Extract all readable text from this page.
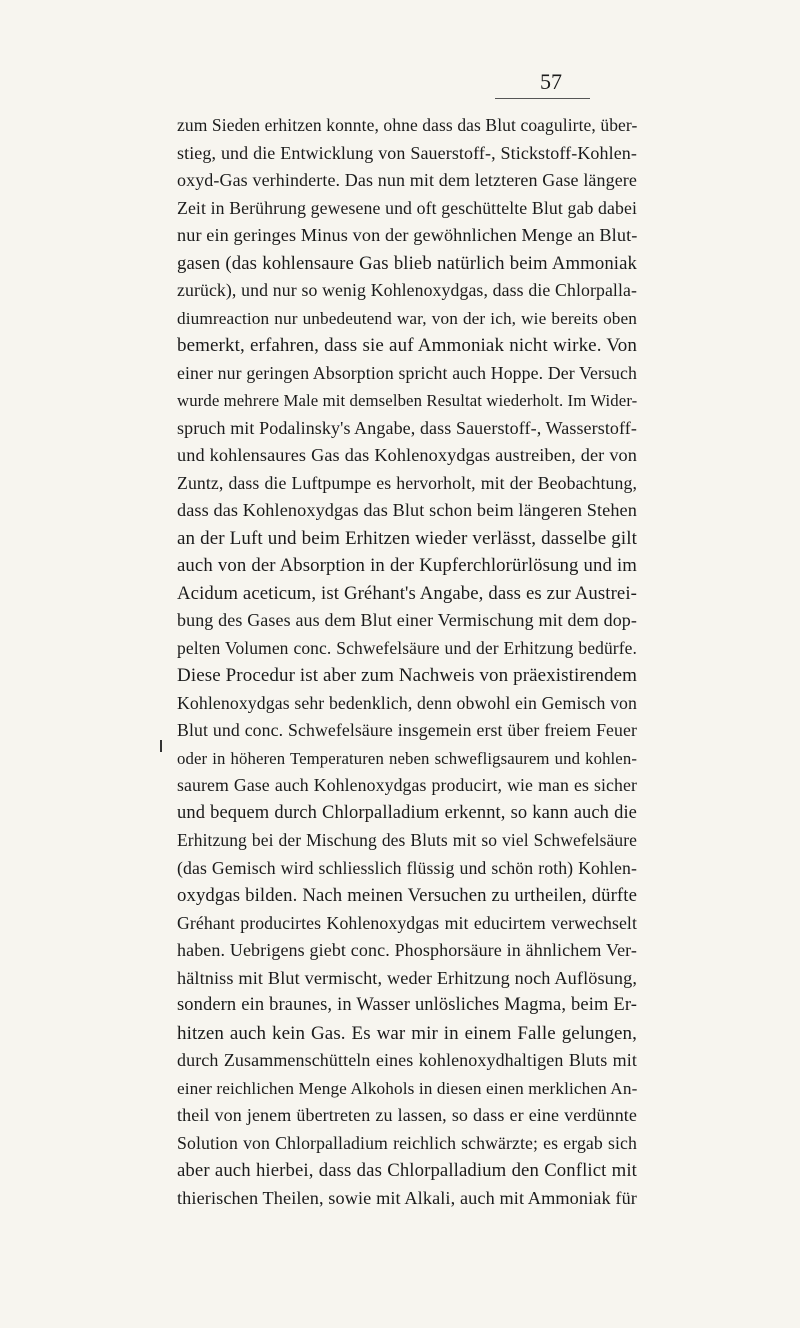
57
zum Sieden erhitzen konnte, ohne dass das Blut coagulirte, über-
stieg, und die Entwicklung von Sauerstoff-, Stickstoff-Kohlen-
oxyd-Gas verhinderte. Das nun mit dem letzteren Gase längere
Zeit in Berührung gewesene und oft geschüttelte Blut gab dabei
nur ein geringes Minus von der gewöhnlichen Menge an Blut-
gasen (das kohlensaure Gas blieb natürlich beim Ammoniak
zurück), und nur so wenig Kohlenoxydgas, dass die Chlorpalla-
diumreaction nur unbedeutend war, von der ich, wie bereits oben
bemerkt, erfahren, dass sie auf Ammoniak nicht wirke. Von
einer nur geringen Absorption spricht auch Hoppe. Der Versuch
wurde mehrere Male mit demselben Resultat wiederholt. Im Wider-
spruch mit Podalinsky's Angabe, dass Sauerstoff-, Wasserstoff-
und kohlensaures Gas das Kohlenoxydgas austreiben, der von
Zuntz, dass die Luftpumpe es hervorholt, mit der Beobachtung,
dass das Kohlenoxydgas das Blut schon beim längeren Stehen
an der Luft und beim Erhitzen wieder verlässt, dasselbe gilt
auch von der Absorption in der Kupferchlorürlösung und im
Acidum aceticum, ist Gréhant's Angabe, dass es zur Austrei-
bung des Gases aus dem Blut einer Vermischung mit dem dop-
pelten Volumen conc. Schwefelsäure und der Erhitzung bedürfe.
Diese Procedur ist aber zum Nachweis von präexistirendem
Kohlenoxydgas sehr bedenklich, denn obwohl ein Gemisch von
Blut und conc. Schwefelsäure insgemein erst über freiem Feuer
oder in höheren Temperaturen neben schwefligsaurem und kohlen-
saurem Gase auch Kohlenoxydgas producirt, wie man es sicher
und bequem durch Chlorpalladium erkennt, so kann auch die
Erhitzung bei der Mischung des Bluts mit so viel Schwefelsäure
(das Gemisch wird schliesslich flüssig und schön roth) Kohlen-
oxydgas bilden. Nach meinen Versuchen zu urtheilen, dürfte
Gréhant producirtes Kohlenoxydgas mit educirtem verwechselt
haben. Uebrigens giebt conc. Phosphorsäure in ähnlichem Ver-
hältniss mit Blut vermischt, weder Erhitzung noch Auflösung,
sondern ein braunes, in Wasser unlösliches Magma, beim Er-
hitzen auch kein Gas. Es war mir in einem Falle gelungen,
durch Zusammenschütteln eines kohlenoxydhaltigen Bluts mit
einer reichlichen Menge Alkohols in diesen einen merklichen An-
theil von jenem übertreten zu lassen, so dass er eine verdünnte
Solution von Chlorpalladium reichlich schwärzte; es ergab sich
aber auch hierbei, dass das Chlorpalladium den Conflict mit
thierischen Theilen, sowie mit Alkali, auch mit Ammoniak für
